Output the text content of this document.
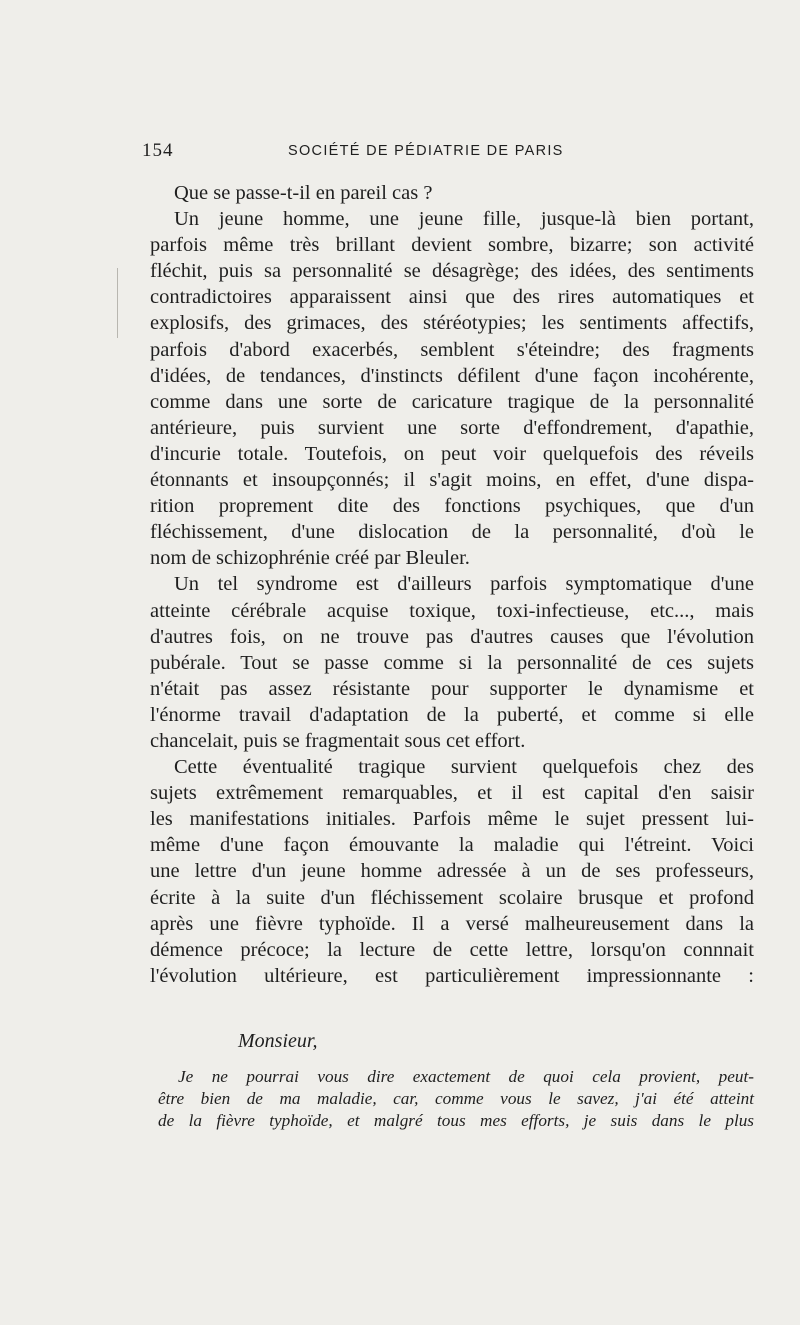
154	SOCIÉTÉ DE PÉDIATRIE DE PARIS
Que se passe-t-il en pareil cas ?
Un jeune homme, une jeune fille, jusque-là bien portant,
parfois même très brillant devient sombre, bizarre; son activité
fléchit, puis sa personnalité se désagrège; des idées, des sentiments
contradictoires apparaissent ainsi que des rires automatiques et
explosifs, des grimaces, des stéréotypies; les sentiments affectifs,
parfois d'abord exacerbés, semblent s'éteindre; des fragments
d'idées, de tendances, d'instincts défilent d'une façon incohérente,
comme dans une sorte de caricature tragique de la personnalité
antérieure, puis survient une sorte d'effondrement, d'apathie,
d'incurie totale. Toutefois, on peut voir quelquefois des réveils
étonnants et insoupçonnés; il s'agit moins, en effet, d'une dispa-
rition proprement dite des fonctions psychiques, que d'un
fléchissement, d'une dislocation de la personnalité, d'où le
nom de schizophrénie créé par Bleuler.
Un tel syndrome est d'ailleurs parfois symptomatique d'une
atteinte cérébrale acquise toxique, toxi-infectieuse, etc..., mais
d'autres fois, on ne trouve pas d'autres causes que l'évolution
pubérale. Tout se passe comme si la personnalité de ces sujets
n'était pas assez résistante pour supporter le dynamisme et
l'énorme travail d'adaptation de la puberté, et comme si elle
chancelait, puis se fragmentait sous cet effort.
Cette éventualité tragique survient quelquefois chez des
sujets extrêmement remarquables, et il est capital d'en saisir
les manifestations initiales. Parfois même le sujet pressent lui-
même d'une façon émouvante la maladie qui l'étreint. Voici
une lettre d'un jeune homme adressée à un de ses professeurs,
écrite à la suite d'un fléchissement scolaire brusque et profond
après une fièvre typhoïde. Il a versé malheureusement dans la
démence précoce; la lecture de cette lettre, lorsqu'on connnait
l'évolution ultérieure, est particulièrement impressionnante :
Monsieur,
Je ne pourrai vous dire exactement de quoi cela provient, peut-
être bien de ma maladie, car, comme vous le savez, j'ai été atteint
de la fièvre typhoïde, et malgré tous mes efforts, je suis dans le plus
